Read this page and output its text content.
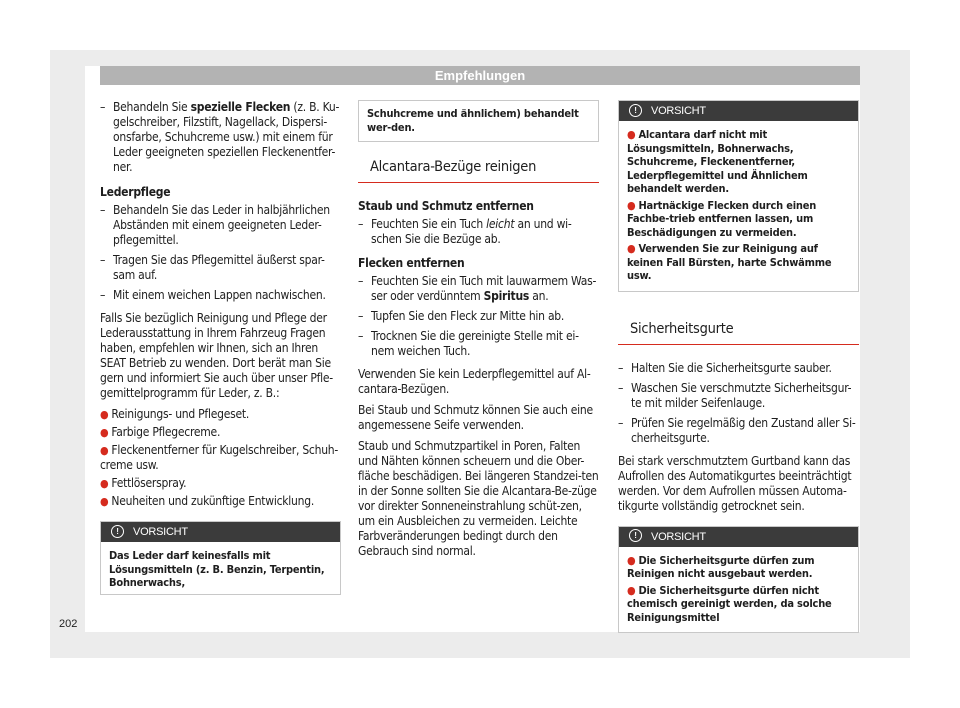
Empfehlungen
– Behandeln Sie spezielle Flecken (z. B. Ku-gelschreiber, Filzstift, Nagellack, Dispersi-onsfarbe, Schuhcreme usw.) mit einem für Leder geeigneten speziellen Fleckenentfer-ner.

Lederpflege

– Behandeln Sie das Leder in halbjährlichen Abständen mit einem geeigneten Leder-pflegemittel.
– Tragen Sie das Pflegemittel äußerst spar-sam auf.
– Mit einem weichen Lappen nachwischen.

Falls Sie bezüglich Reinigung und Pflege der Lederausstattung in Ihrem Fahrzeug Fragen haben, empfehlen wir Ihnen, sich an Ihren SEAT Betrieb zu wenden. Dort berät man Sie gern und informiert Sie auch über unser Pfle-gemittelprogramm für Leder, z. B.:

● Reinigungs- und Pflegeset.
● Farbige Pflegecreme.
● Fleckenentferner für Kugelschreiber, Schuh-creme usw.
● Fettlöserspray.
● Neuheiten und zukünftige Entwicklung.
! VORSICHT
Das Leder darf keinesfalls mit Lösungsmitteln (z. B. Benzin, Terpentin, Bohnerwachs,
Schuhcreme und ähnlichem) behandelt wer-den.
Alcantara-Bezüge reinigen

Staub und Schmutz entfernen

– Feuchten Sie ein Tuch leicht an und wi-schen Sie die Bezüge ab.

Flecken entfernen

– Feuchten Sie ein Tuch mit lauwarmem Was-ser oder verdünntem Spiritus an.
– Tupfen Sie den Fleck zur Mitte hin ab.
– Trocknen Sie die gereinigte Stelle mit ei-nem weichen Tuch.

Verwenden Sie kein Lederpflegemittel auf Al-cantara-Bezügen.

Bei Staub und Schmutz können Sie auch eine angemessene Seife verwenden.

Staub und Schmutzpartikel in Poren, Falten und Nähten können scheuern und die Ober-fläche beschädigen. Bei längeren Standzei-ten in der Sonne sollten Sie die Alcantara-Be-züge vor direkter Sonneneinstrahlung schüt-zen, um ein Ausbleichen zu vermeiden. Leichte Farbveränderungen bedingt durch den Gebrauch sind normal.

! VORSICHT
● Alcantara darf nicht mit Lösungsmitteln, Bohnerwachs, Schuhcreme, Fleckenentferner, Lederpflegemittel und Ähnlichem behandelt werden.
● Hartnäckige Flecken durch einen Fachbe-trieb entfernen lassen, um Beschädigungen zu vermeiden.
● Verwenden Sie zur Reinigung auf keinen Fall Bürsten, harte Schwämme usw.
Sicherheitsgurte
– Halten Sie die Sicherheitsgurte sauber.
– Waschen Sie verschmutzte Sicherheitsgur-te mit milder Seifenlauge.
– Prüfen Sie regelmäßig den Zustand aller Si-cherheitsgurte.

Bei stark verschmutztem Gurtband kann das Aufrollen des Automatikgurtes beeinträchtigt werden. Vor dem Aufrollen müssen Automa-tikgurte vollständig getrocknet sein.

! VORSICHT
● Die Sicherheitsgurte dürfen zum Reinigen nicht ausgebaut werden.
● Die Sicherheitsgurte dürfen nicht chemisch gereinigt werden, da solche Reinigungsmittel
202
